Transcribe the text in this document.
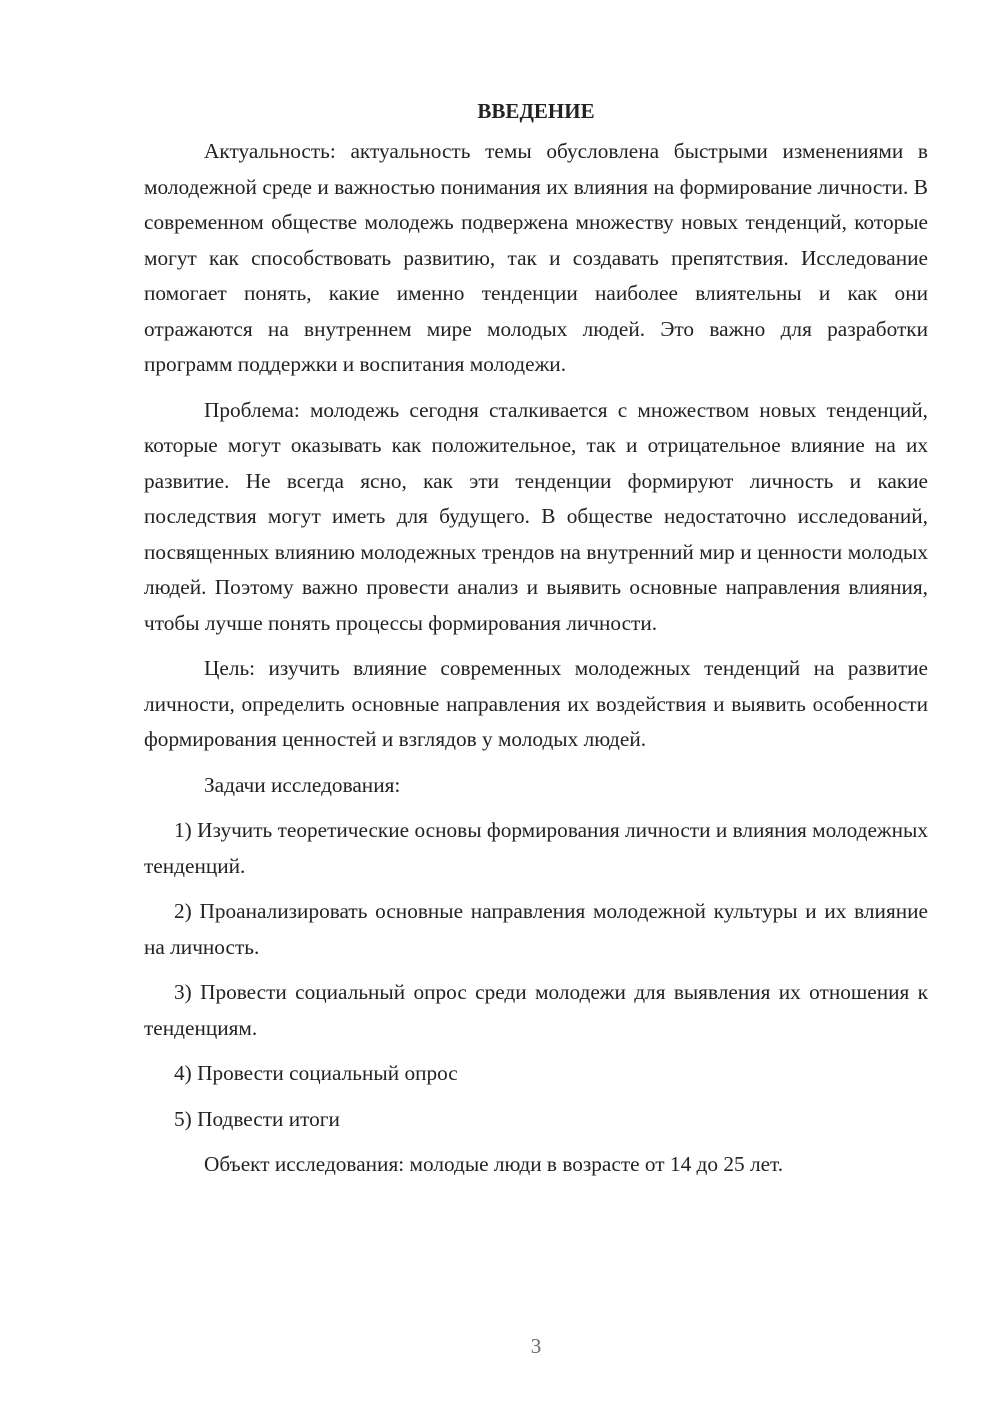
ВВЕДЕНИЕ

Актуальность: актуальность темы обусловлена быстрыми изменениями в молодежной среде и важностью понимания их влияния на формирование личности. В современном обществе молодежь подвержена множеству новых тенденций, которые могут как способствовать развитию, так и создавать препятствия. Исследование помогает понять, какие именно тенденции наиболее влиятельны и как они отражаются на внутреннем мире молодых людей. Это важно для разработки программ поддержки и воспитания молодежи.

Проблема: молодежь сегодня сталкивается с множеством новых тенденций, которые могут оказывать как положительное, так и отрицательное влияние на их развитие. Не всегда ясно, как эти тенденции формируют личность и какие последствия могут иметь для будущего. В обществе недостаточно исследований, посвященных влиянию молодежных трендов на внутренний мир и ценности молодых людей. Поэтому важно провести анализ и выявить основные направления влияния, чтобы лучше понять процессы формирования личности.

Цель: изучить влияние современных молодежных тенденций на развитие личности, определить основные направления их воздействия и выявить особенности формирования ценностей и взглядов у молодых людей.

Задачи исследования:

1) Изучить теоретические основы формирования личности и влияния молодежных тенденций.

2) Проанализировать основные направления молодежной культуры и их влияние на личность.

3) Провести социальный опрос среди молодежи для выявления их отношения к тенденциям.

4) Провести социальный опрос

5) Подвести итоги

Объект исследования: молодые люди в возрасте от 14 до 25 лет.

3
